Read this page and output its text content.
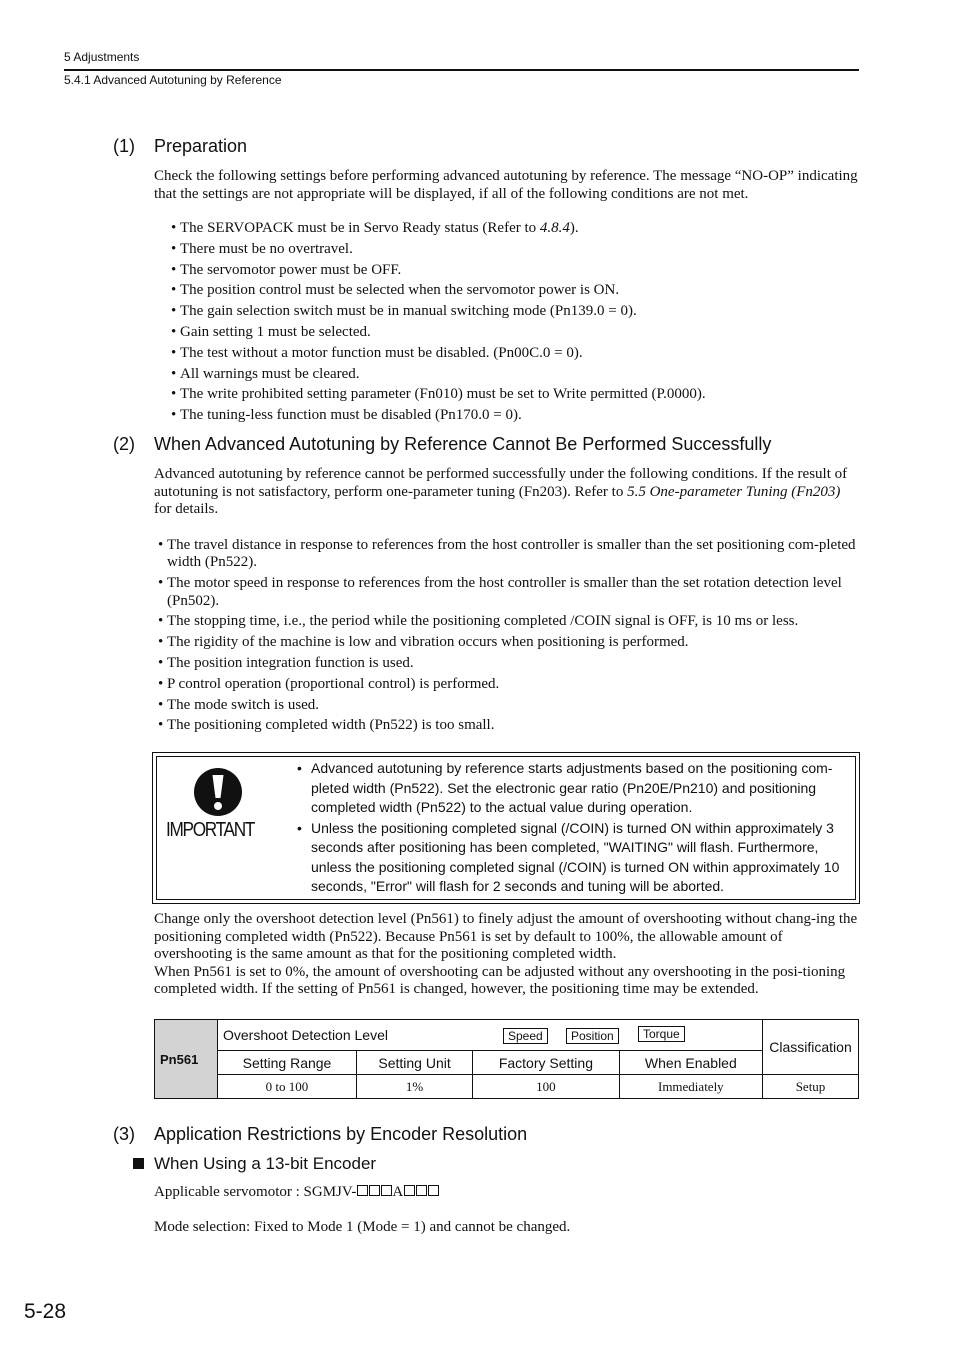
5 Adjustments
5.4.1 Advanced Autotuning by Reference
(1) Preparation
Check the following settings before performing advanced autotuning by reference. The message “NO-OP” indicating that the settings are not appropriate will be displayed, if all of the following conditions are not met.
• The SERVOPACK must be in Servo Ready status (Refer to 4.8.4).
• There must be no overtravel.
• The servomotor power must be OFF.
• The position control must be selected when the servomotor power is ON.
• The gain selection switch must be in manual switching mode (Pn139.0 = 0).
• Gain setting 1 must be selected.
• The test without a motor function must be disabled. (Pn00C.0 = 0).
• All warnings must be cleared.
• The write prohibited setting parameter (Fn010) must be set to Write permitted (P.0000).
• The tuning-less function must be disabled (Pn170.0 = 0).
(2) When Advanced Autotuning by Reference Cannot Be Performed Successfully
Advanced autotuning by reference cannot be performed successfully under the following conditions. If the result of autotuning is not satisfactory, perform one-parameter tuning (Fn203). Refer to 5.5 One-parameter Tuning (Fn203) for details.
• The travel distance in response to references from the host controller is smaller than the set positioning com-pleted width (Pn522).
• The motor speed in response to references from the host controller is smaller than the set rotation detection level (Pn502).
• The stopping time, i.e., the period while the positioning completed /COIN signal is OFF, is 10 ms or less.
• The rigidity of the machine is low and vibration occurs when positioning is performed.
• The position integration function is used.
• P control operation (proportional control) is performed.
• The mode switch is used.
• The positioning completed width (Pn522) is too small.
IMPORTANT
• Advanced autotuning by reference starts adjustments based on the positioning com-pleted width (Pn522). Set the electronic gear ratio (Pn20E/Pn210) and positioning completed width (Pn522) to the actual value during operation.
• Unless the positioning completed signal (/COIN) is turned ON within approximately 3 seconds after positioning has been completed, "WAITING" will flash. Furthermore, unless the positioning completed signal (/COIN) is turned ON within approximately 10 seconds, "Error" will flash for 2 seconds and tuning will be aborted.
Change only the overshoot detection level (Pn561) to finely adjust the amount of overshooting without chang-ing the positioning completed width (Pn522). Because Pn561 is set by default to 100%, the allowable amount of overshooting is the same amount as that for the positioning completed width.
When Pn561 is set to 0%, the amount of overshooting can be adjusted without any overshooting in the posi-tioning completed width. If the setting of Pn561 is changed, however, the positioning time may be extended.
Pn561	Overshoot Detection Level Speed Position Torque				Classification
	Setting Range	Setting Unit	Factory Setting	When Enabled	
	0 to 100	1%	100	Immediately	Setup
(3) Application Restrictions by Encoder Resolution
When Using a 13-bit Encoder
Applicable servomotor : SGMJV- A
Mode selection: Fixed to Mode 1 (Mode = 1) and cannot be changed.
5-28
